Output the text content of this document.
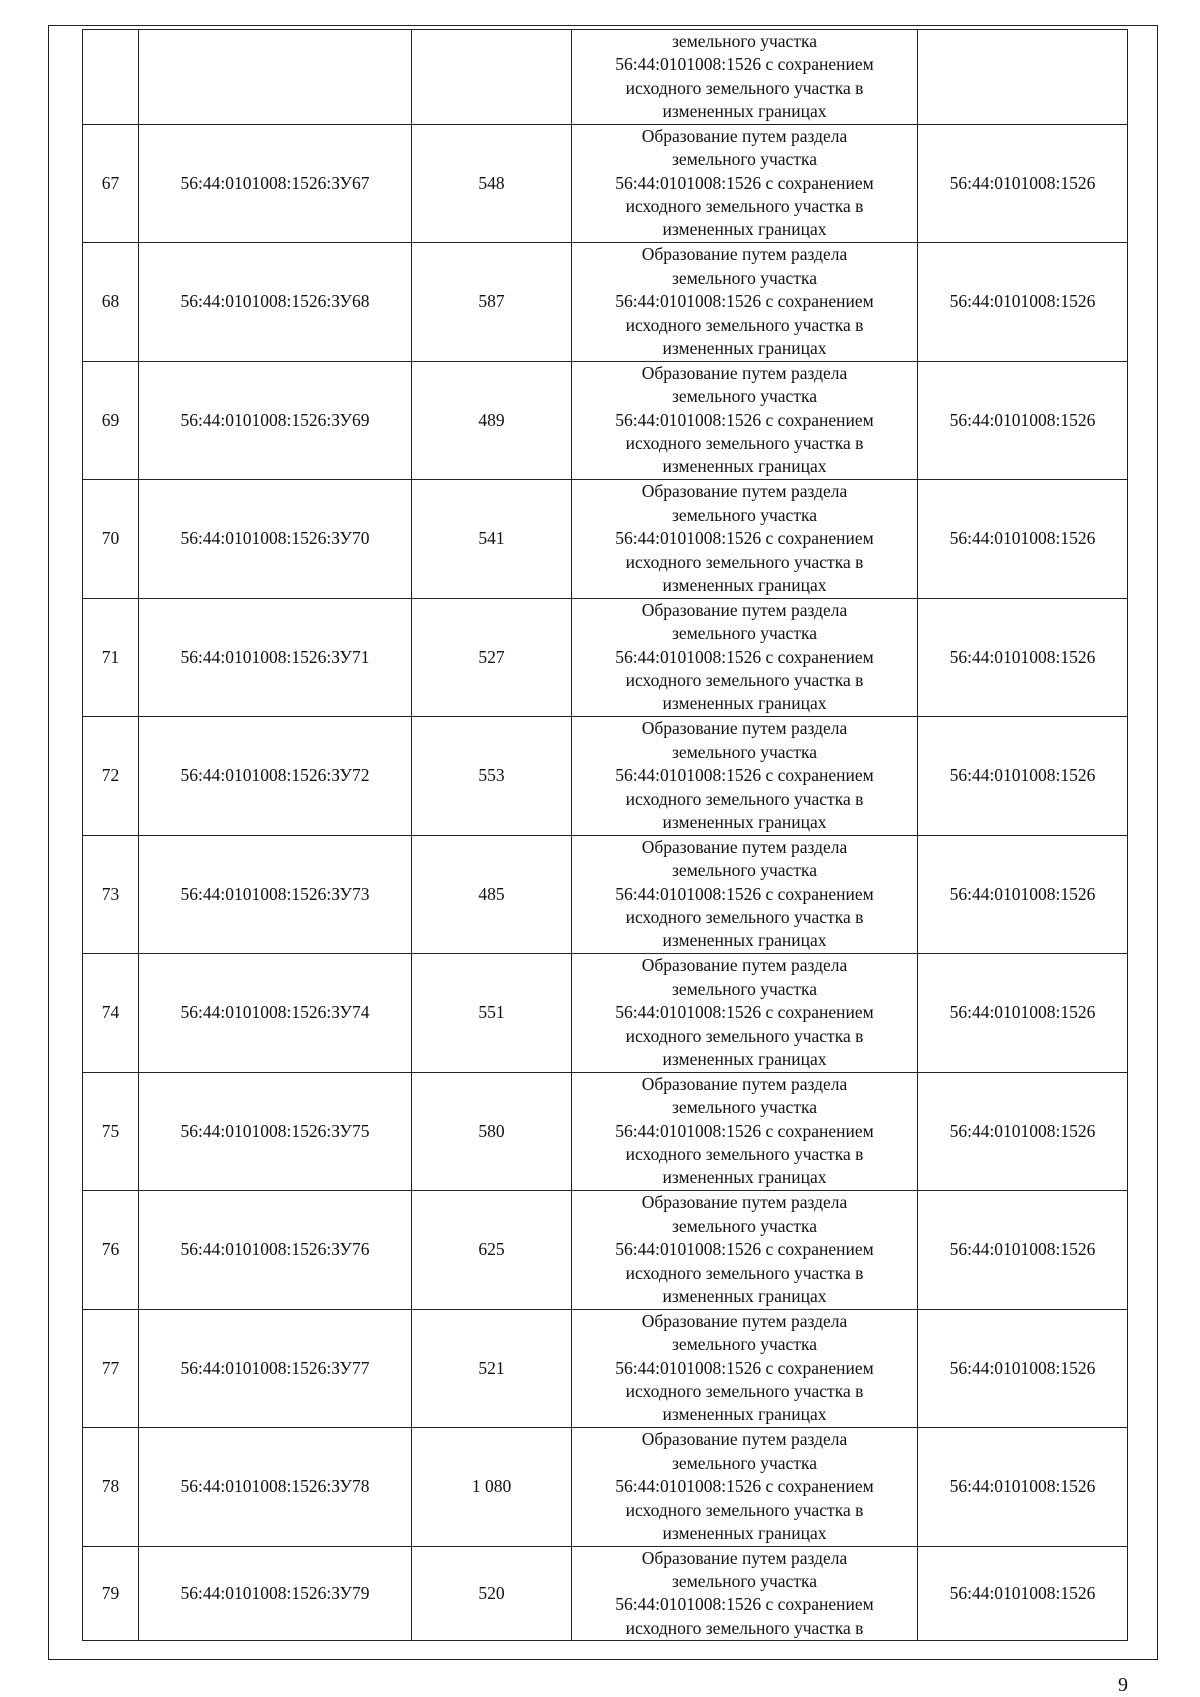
			земельного участка
56:44:0101008:1526 с сохранением
исходного земельного участка в
измененных границах	
67	56:44:0101008:1526:ЗУ67	548	Образование путем раздела
земельного участка
56:44:0101008:1526 с сохранением
исходного земельного участка в
измененных границах	56:44:0101008:1526
68	56:44:0101008:1526:ЗУ68	587	Образование путем раздела
земельного участка
56:44:0101008:1526 с сохранением
исходного земельного участка в
измененных границах	56:44:0101008:1526
69	56:44:0101008:1526:ЗУ69	489	Образование путем раздела
земельного участка
56:44:0101008:1526 с сохранением
исходного земельного участка в
измененных границах	56:44:0101008:1526
70	56:44:0101008:1526:ЗУ70	541	Образование путем раздела
земельного участка
56:44:0101008:1526 с сохранением
исходного земельного участка в
измененных границах	56:44:0101008:1526
71	56:44:0101008:1526:ЗУ71	527	Образование путем раздела
земельного участка
56:44:0101008:1526 с сохранением
исходного земельного участка в
измененных границах	56:44:0101008:1526
72	56:44:0101008:1526:ЗУ72	553	Образование путем раздела
земельного участка
56:44:0101008:1526 с сохранением
исходного земельного участка в
измененных границах	56:44:0101008:1526
73	56:44:0101008:1526:ЗУ73	485	Образование путем раздела
земельного участка
56:44:0101008:1526 с сохранением
исходного земельного участка в
измененных границах	56:44:0101008:1526
74	56:44:0101008:1526:ЗУ74	551	Образование путем раздела
земельного участка
56:44:0101008:1526 с сохранением
исходного земельного участка в
измененных границах	56:44:0101008:1526
75	56:44:0101008:1526:ЗУ75	580	Образование путем раздела
земельного участка
56:44:0101008:1526 с сохранением
исходного земельного участка в
измененных границах	56:44:0101008:1526
76	56:44:0101008:1526:ЗУ76	625	Образование путем раздела
земельного участка
56:44:0101008:1526 с сохранением
исходного земельного участка в
измененных границах	56:44:0101008:1526
77	56:44:0101008:1526:ЗУ77	521	Образование путем раздела
земельного участка
56:44:0101008:1526 с сохранением
исходного земельного участка в
измененных границах	56:44:0101008:1526
78	56:44:0101008:1526:ЗУ78	1 080	Образование путем раздела
земельного участка
56:44:0101008:1526 с сохранением
исходного земельного участка в
измененных границах	56:44:0101008:1526
79	56:44:0101008:1526:ЗУ79	520	Образование путем раздела
земельного участка
56:44:0101008:1526 с сохранением
исходного земельного участка в	56:44:0101008:1526
9
